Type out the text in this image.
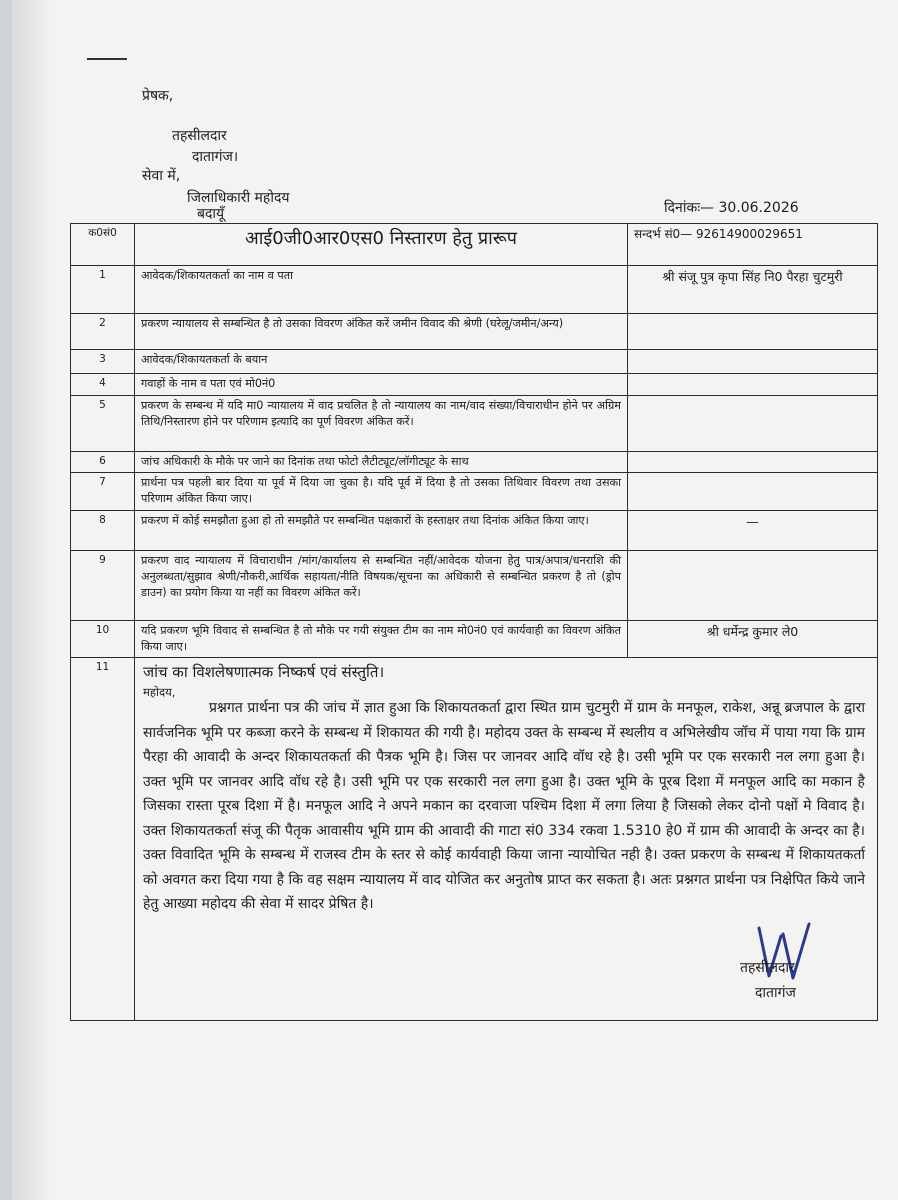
प्रेषक,
तहसीलदार
दातागंज।
सेवा में,
जिलाधिकारी महोदय
बदायूँ	दिनांकः— 30.06.2026
क0सं0	आई0जी0आर0एस0 निस्तारण हेतु प्रारूप	सन्दर्भ सं0— 92614900029651
1	आवेदक/शिकायतकर्ता का नाम व पता	श्री संजू पुत्र कृपा सिंह नि0 पैरहा चुटमुरी
2	प्रकरण न्यायालय से सम्बन्धित है तो उसका विवरण अंकित करें जमीन विवाद की श्रेणी (घरेलू/जमीन/अन्य)	
3	आवेदक/शिकायतकर्ता के बयान	
4	गवाहों के नाम व पता एवं मो0नं0	
5	प्रकरण के सम्बन्ध में यदि मा0 न्यायालय में वाद प्रचलित है तो न्यायालय का नाम/वाद संख्या/विचाराधीन होने पर अग्रिम तिथि/निस्तारण होने पर परिणाम इत्यादि का पूर्ण विवरण अंकित करें।	
6	जांच अधिकारी के मौके पर जाने का दिनांक तथा फोटो लैटीट्यूट/लॉगीट्यूट के साथ	
7	प्रार्थना पत्र पहली बार दिया या पूर्व में दिया जा चुका है। यदि पूर्व में दिया है तो उसका तिथिवार विवरण तथा उसका परिणाम अंकित किया जाए।	
8	प्रकरण में कोई समझौता हुआ हो तो समझौते पर सम्बन्धित पक्षकारों के हस्ताक्षर तथा दिनांक अंकित किया जाए।	—
9	प्रकरण वाद न्यायालय में विचाराधीन /मांग/कार्यालय से सम्बन्धित नहीं/आवेदक योजना हेतु पात्र/अपात्र/धनराशि की अनुलब्धता/सुझाव श्रेणी/नौकरी,आर्थिक सहायता/नीति विषयक/सूचना का अधिकारी से सम्बन्धित प्रकरण है तो (ड्रोप डाउन) का प्रयोग किया या नहीं का विवरण अंकित करें।	
10	यदि प्रकरण भूमि विवाद से सम्बन्धित है तो मौके पर गयी संयुक्त टीम का नाम मो0नं0 एवं कार्यवाही का विवरण अंकित किया जाए।	श्री धर्मेन्द्र कुमार ले0
11	जांच का विशलेषणात्मक निष्कर्ष एवं संस्तुति।
महोदय,
प्रश्नगत प्रार्थना पत्र की जांच में ज्ञात हुआ कि शिकायतकर्ता द्वारा स्थित ग्राम चुटमुरी में ग्राम के मनफूल, राकेश, अन्नू ब्रजपाल के द्वारा सार्वजनिक भूमि पर कब्जा करने के सम्बन्ध में शिकायत की गयी है। महोदय उक्त के सम्बन्ध में स्थलीय व अभिलेखीय जॉच में पाया गया कि ग्राम पैरहा की आवादी के अन्दर शिकायतकर्ता की पैत्रक भूमि है। जिस पर जानवर आदि वॉध रहे है। उसी भूमि पर एक सरकारी नल लगा हुआ है। उक्त भूमि पर जानवर आदि वॉध रहे है। उसी भूमि पर एक सरकारी नल लगा हुआ है। उक्त भूमि के पूरब दिशा में मनफूल आदि का मकान है जिसका रास्ता पूरब दिशा में है। मनफूल आदि ने अपने मकान का दरवाजा पश्चिम दिशा में लगा लिया है जिसको लेकर दोनो पक्षों मे विवाद है। उक्त शिकायतकर्ता संजू की पैतृक आवासीय भूमि ग्राम की आवादी की गाटा सं0 334 रकवा 1.5310 हे0 में ग्राम की आवादी के अन्दर का है। उक्त विवादित भूमि के सम्बन्ध में राजस्व टीम के स्तर से कोई कार्यवाही किया जाना न्यायोचित नही है। उक्त प्रकरण के सम्बन्ध में शिकायतकर्ता को अवगत करा दिया गया है कि वह सक्षम न्यायालय में वाद योजित कर अनुतोष प्राप्त कर सकता है। अतः प्रश्नगत प्रार्थना पत्र निक्षेपित किये जाने हेतु आख्या महोदय की सेवा में सादर प्रेषित है।
तहसीलदार
दातागंज	
